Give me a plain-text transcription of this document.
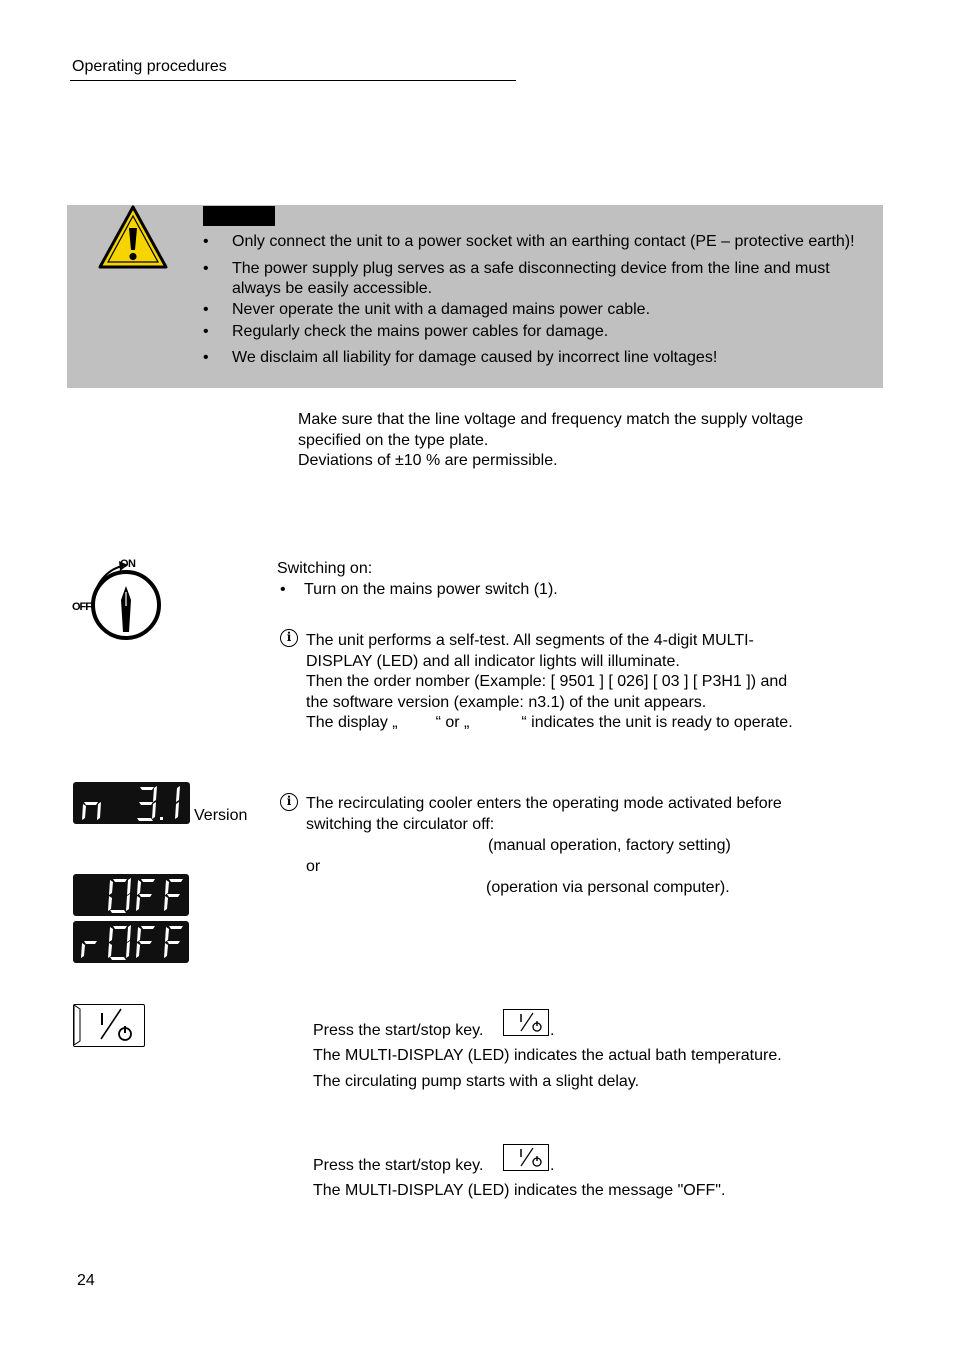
Operating procedures
• Only connect the unit to a power socket with an earthing contact (PE – protective earth)!
• The power supply plug serves as a safe disconnecting device from the line and must always be easily accessible.
• Never operate the unit with a damaged mains power cable.
• Regularly check the mains power cables for damage.
• We disclaim all liability for damage caused by incorrect line voltages!
Make sure that the line voltage and frequency match the supply voltage
specified on the type plate.
Deviations of ±10 % are permissible.
ON
OFF
Switching on:
• Turn on the mains power switch (1).
i The unit performs a self-test. All segments of the 4-digit MULTI-
DISPLAY (LED) and all indicator lights will illuminate.
Then the order nomber (Example: [ 9501 ] [ 026] [ 03 ] [ P3H1 ]) and
the software version (example: n3.1) of the unit appears.
The display „ “ or „	“ indicates the unit is ready to operate.
Version
i The recirculating cooler enters the operating mode activated before
switching the circulator off:
(manual operation, factory setting)
or
(operation via personal computer).
Press the start/stop key.	.
The MULTI-DISPLAY (LED) indicates the actual bath temperature.
The circulating pump starts with a slight delay.
Press the start/stop key.	.
The MULTI-DISPLAY (LED) indicates the message "OFF".
24
